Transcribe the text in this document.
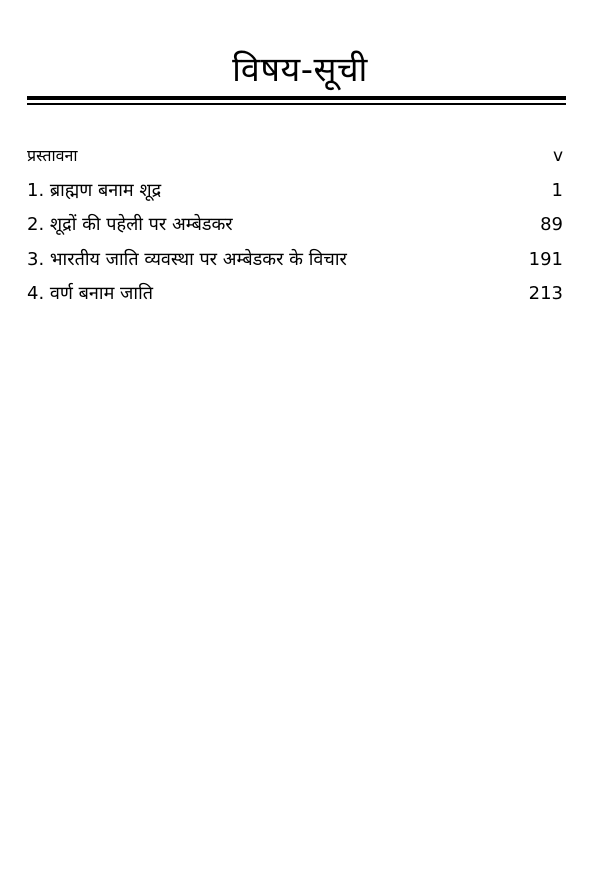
विषय-सूची
प्रस्तावना	v
1. ब्राह्मण बनाम शूद्र	1
2. शूद्रों की पहेली पर अम्बेडकर	89
3. भारतीय जाति व्यवस्था पर अम्बेडकर के विचार	191
4. वर्ण बनाम जाति	213
